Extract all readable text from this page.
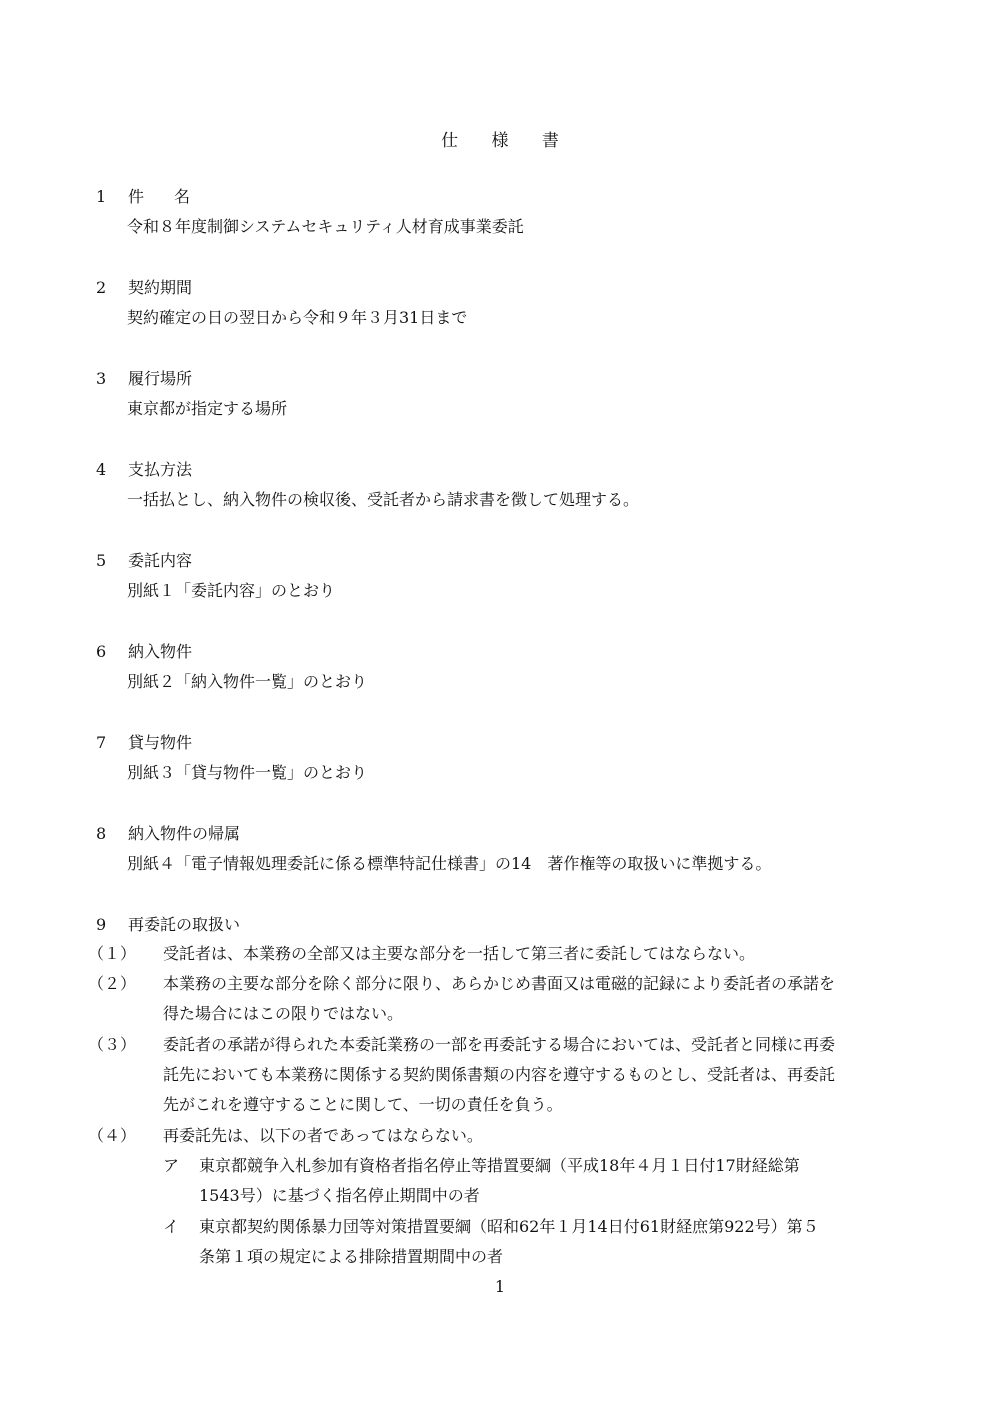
仕 様 書
1 件名
令和８年度制御システムセキュリティ人材育成事業委託
2 契約期間
契約確定の日の翌日から令和９年３月31日まで
3 履行場所
東京都が指定する場所
4 支払方法
一括払とし、納入物件の検収後、受託者から請求書を徴して処理する。
5 委託内容
別紙１「委託内容」のとおり
6 納入物件
別紙２「納入物件一覧」のとおり
7 貸与物件
別紙３「貸与物件一覧」のとおり
8 納入物件の帰属
別紙４「電子情報処理委託に係る標準特記仕様書」の14　著作権等の取扱いに準拠する。
9 再委託の取扱い
（１） 受託者は、本業務の全部又は主要な部分を一括して第三者に委託してはならない。
（２） 本業務の主要な部分を除く部分に限り、あらかじめ書面又は電磁的記録により委託者の承諾を
得た場合にはこの限りではない。
（３） 委託者の承諾が得られた本委託業務の一部を再委託する場合においては、受託者と同様に再委
託先においても本業務に関係する契約関係書類の内容を遵守するものとし、受託者は、再委託
先がこれを遵守することに関して、一切の責任を負う。
（４） 再委託先は、以下の者であってはならない。
ア 東京都競争入札参加有資格者指名停止等措置要綱（平成18年４月１日付17財経総第
1543号）に基づく指名停止期間中の者
イ 東京都契約関係暴力団等対策措置要綱（昭和62年１月14日付61財経庶第922号）第５
条第１項の規定による排除措置期間中の者
1
